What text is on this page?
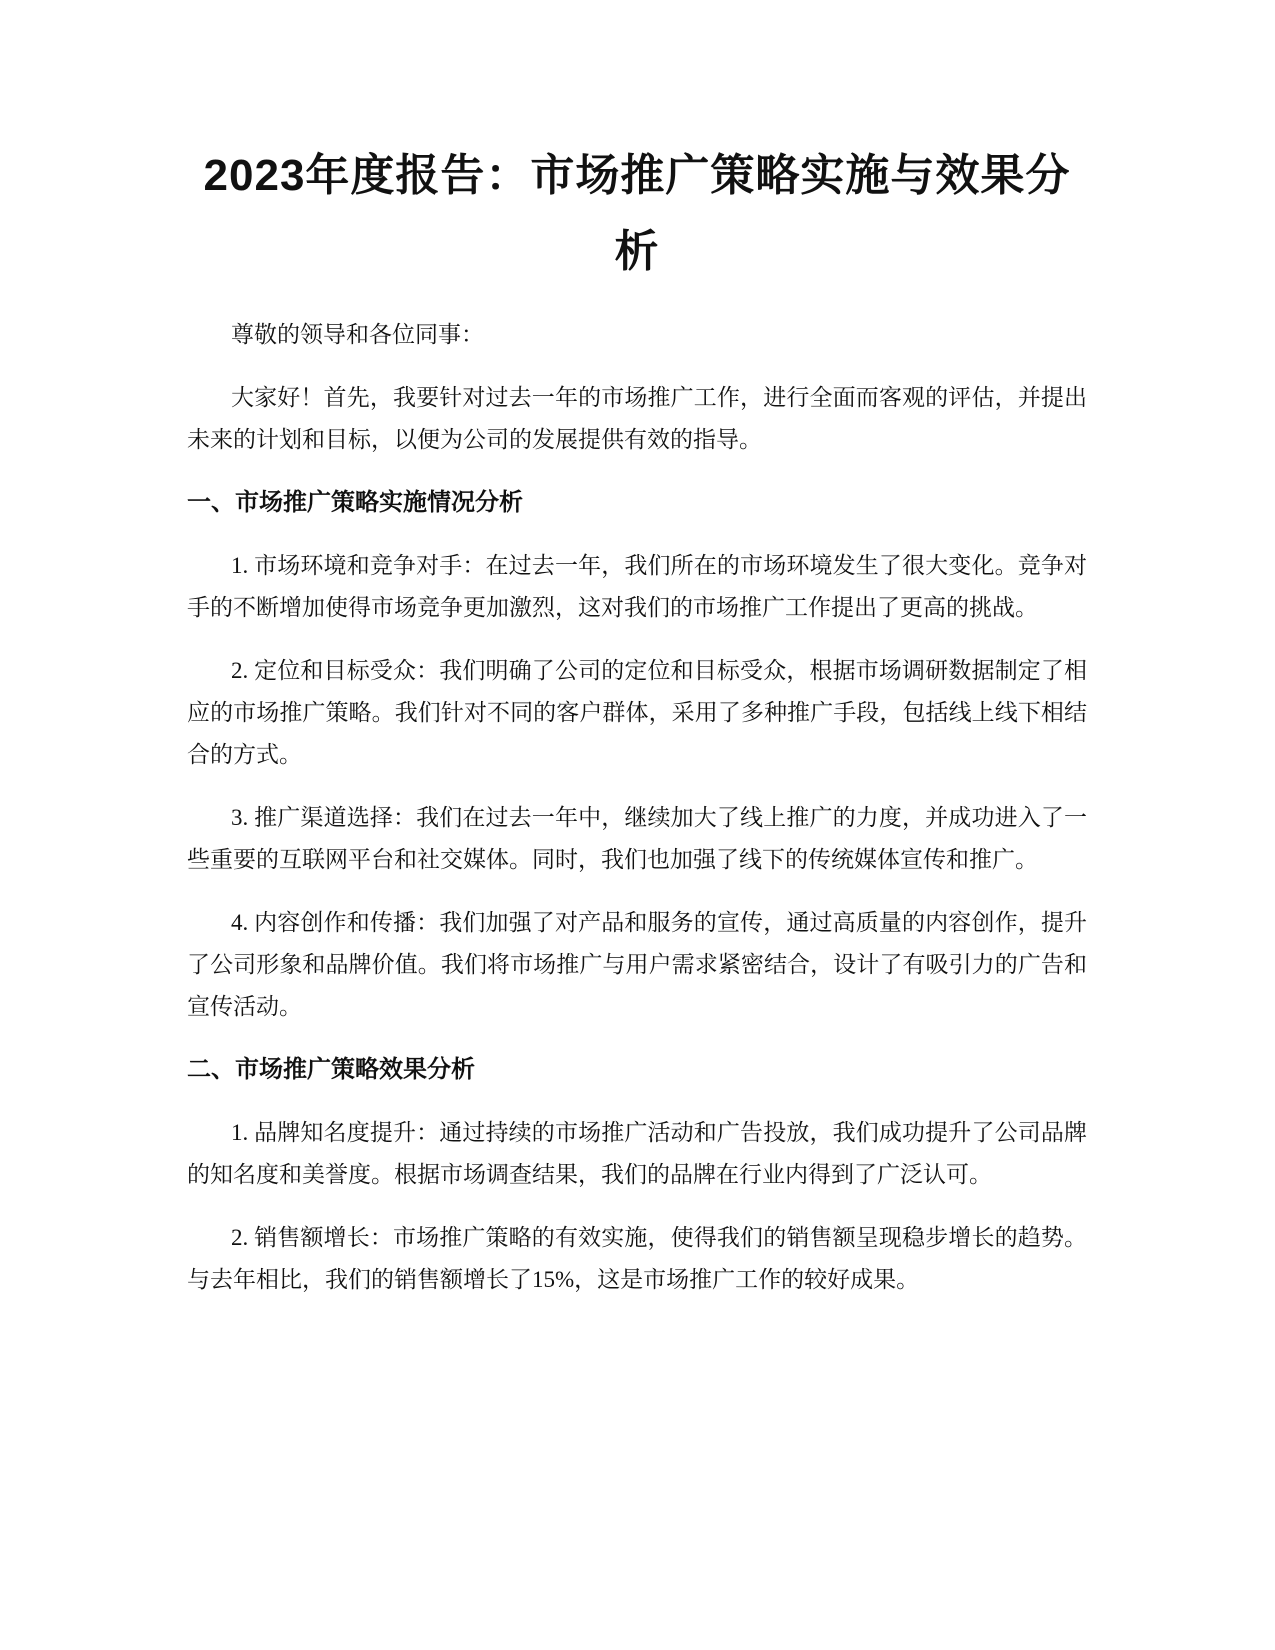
2023年度报告：市场推广策略实施与效果分析

尊敬的领导和各位同事：

大家好！首先，我要针对过去一年的市场推广工作，进行全面而客观的评估，并提出未来的计划和目标，以便为公司的发展提供有效的指导。

一、市场推广策略实施情况分析

1. 市场环境和竞争对手：在过去一年，我们所在的市场环境发生了很大变化。竞争对手的不断增加使得市场竞争更加激烈，这对我们的市场推广工作提出了更高的挑战。

2. 定位和目标受众：我们明确了公司的定位和目标受众，根据市场调研数据制定了相应的市场推广策略。我们针对不同的客户群体，采用了多种推广手段，包括线上线下相结合的方式。

3. 推广渠道选择：我们在过去一年中，继续加大了线上推广的力度，并成功进入了一些重要的互联网平台和社交媒体。同时，我们也加强了线下的传统媒体宣传和推广。

4. 内容创作和传播：我们加强了对产品和服务的宣传，通过高质量的内容创作，提升了公司形象和品牌价值。我们将市场推广与用户需求紧密结合，设计了有吸引力的广告和宣传活动。

二、市场推广策略效果分析

1. 品牌知名度提升：通过持续的市场推广活动和广告投放，我们成功提升了公司品牌的知名度和美誉度。根据市场调查结果，我们的品牌在行业内得到了广泛认可。

2. 销售额增长：市场推广策略的有效实施，使得我们的销售额呈现稳步增长的趋势。与去年相比，我们的销售额增长了15%，这是市场推广工作的较好成果。
